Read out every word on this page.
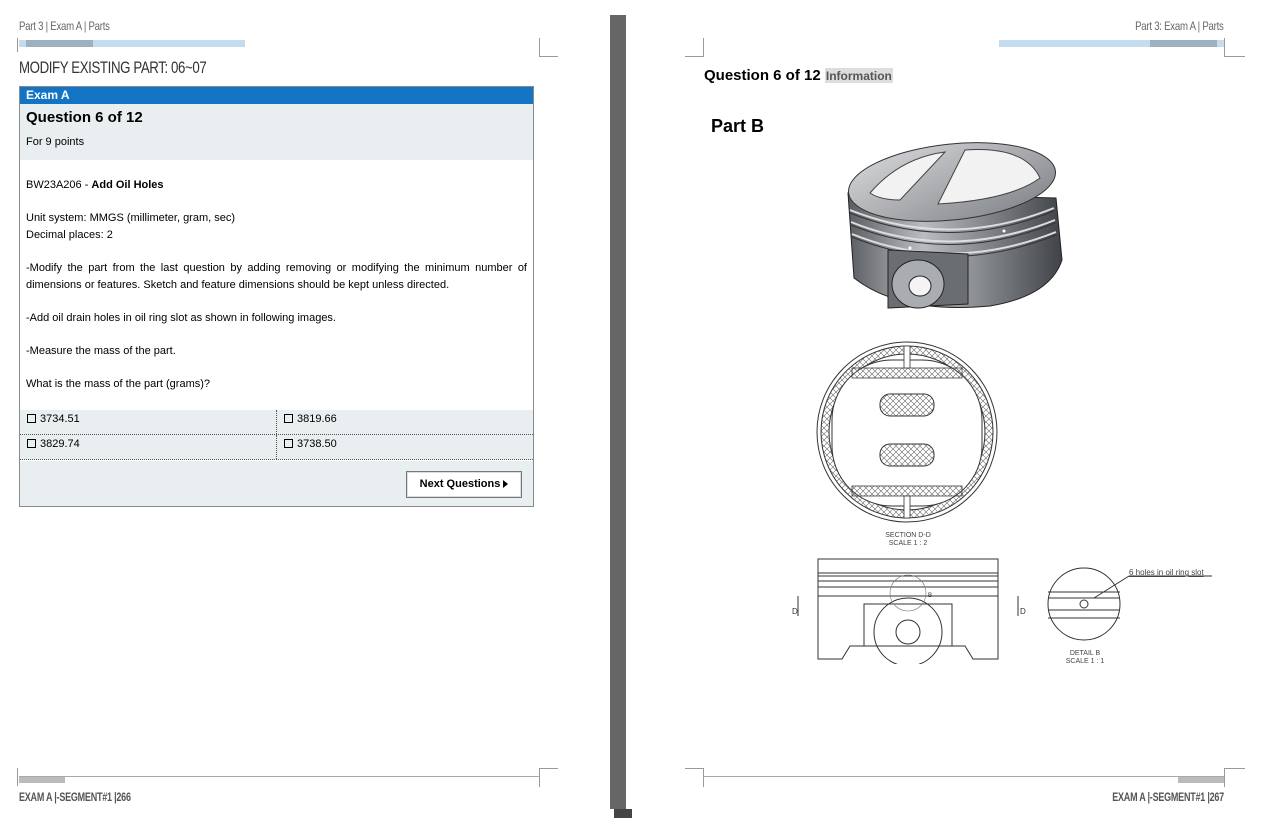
Part 3 | Exam A | Parts
MODIFY EXISTING PART: 06~07
Exam A
Question 6 of 12
For 9 points
BW23A206 - Add Oil Holes
Unit system: MMGS (millimeter, gram, sec)
Decimal places: 2
-Modify the part from the last question by adding removing or modifying the minimum number of dimensions or features. Sketch and feature dimensions should be kept unless directed.
-Add oil drain holes in oil ring slot as shown in following images.
-Measure the mass of the part.
What is the mass of the part (grams)?
3734.51	3819.66
3829.74	3738.50
Next Questions
EXAM A |-SEGMENT#1 |266
Part 3: Exam A | Parts
Question 6 of 12 Information
Part B
SECTION D-D
SCALE 1 : 2
D	D
B
6 holes in oil ring slot
DETAIL B
SCALE 1 : 1
EXAM A |-SEGMENT#1 |267
